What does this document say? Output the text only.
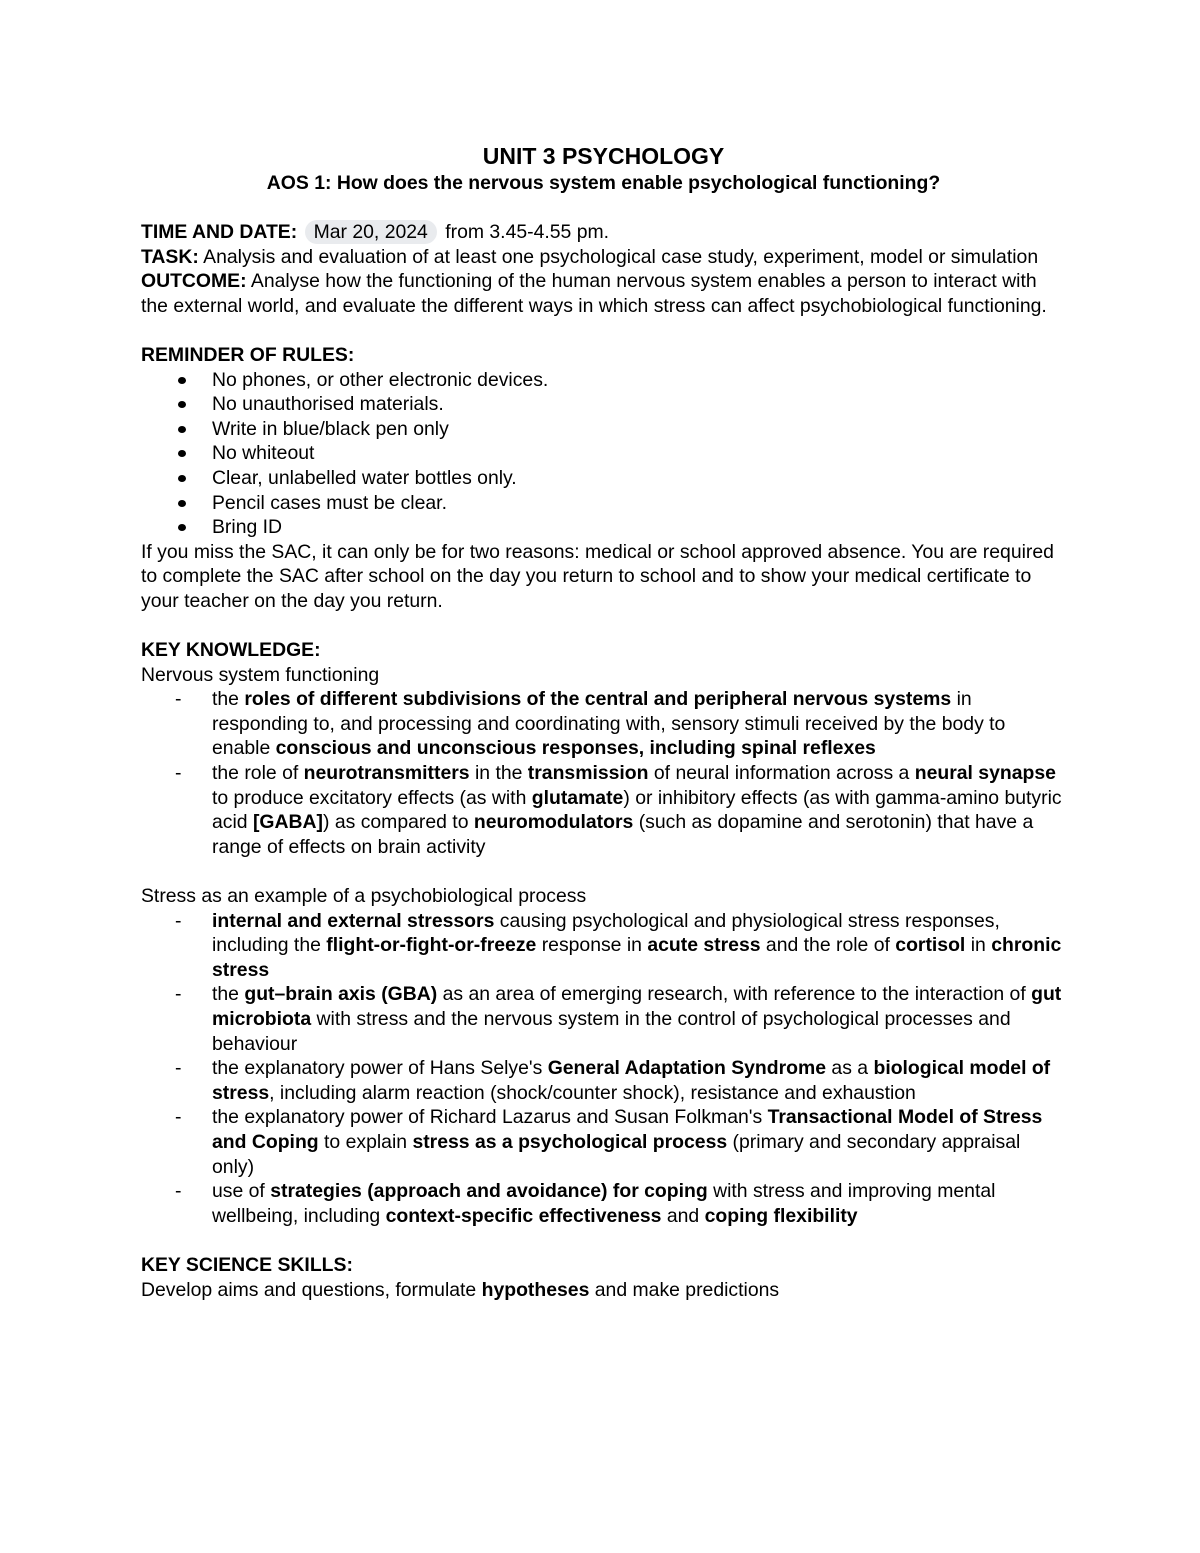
UNIT 3 PSYCHOLOGY

AOS 1: How does the nervous system enable psychological functioning?

TIME AND DATE: Mar 20, 2024 from 3.45-4.55 pm.

TASK: Analysis and evaluation of at least one psychological case study, experiment, model or simulation

OUTCOME: Analyse how the functioning of the human nervous system enables a person to interact with the external world, and evaluate the different ways in which stress can affect psychobiological functioning.

REMINDER OF RULES:

No phones, or other electronic devices.
No unauthorised materials.
Write in blue/black pen only
No whiteout
Clear, unlabelled water bottles only.
Pencil cases must be clear.
Bring ID

If you miss the SAC, it can only be for two reasons: medical or school approved absence. You are required to complete the SAC after school on the day you return to school and to show your medical certificate to your teacher on the day you return.

KEY KNOWLEDGE:

Nervous system functioning

- the roles of different subdivisions of the central and peripheral nervous systems in responding to, and processing and coordinating with, sensory stimuli received by the body to enable conscious and unconscious responses, including spinal reflexes
- the role of neurotransmitters in the transmission of neural information across a neural synapse to produce excitatory effects (as with glutamate) or inhibitory effects (as with gamma-amino butyric acid [GABA]) as compared to neuromodulators (such as dopamine and serotonin) that have a range of effects on brain activity

Stress as an example of a psychobiological process

- internal and external stressors causing psychological and physiological stress responses, including the flight-or-fight-or-freeze response in acute stress and the role of cortisol in chronic stress
- the gut–brain axis (GBA) as an area of emerging research, with reference to the interaction of gut microbiota with stress and the nervous system in the control of psychological processes and behaviour
- the explanatory power of Hans Selye's General Adaptation Syndrome as a biological model of stress, including alarm reaction (shock/counter shock), resistance and exhaustion
- the explanatory power of Richard Lazarus and Susan Folkman's Transactional Model of Stress and Coping to explain stress as a psychological process (primary and secondary appraisal only)
- use of strategies (approach and avoidance) for coping with stress and improving mental wellbeing, including context-specific effectiveness and coping flexibility

KEY SCIENCE SKILLS:

Develop aims and questions, formulate hypotheses and make predictions
